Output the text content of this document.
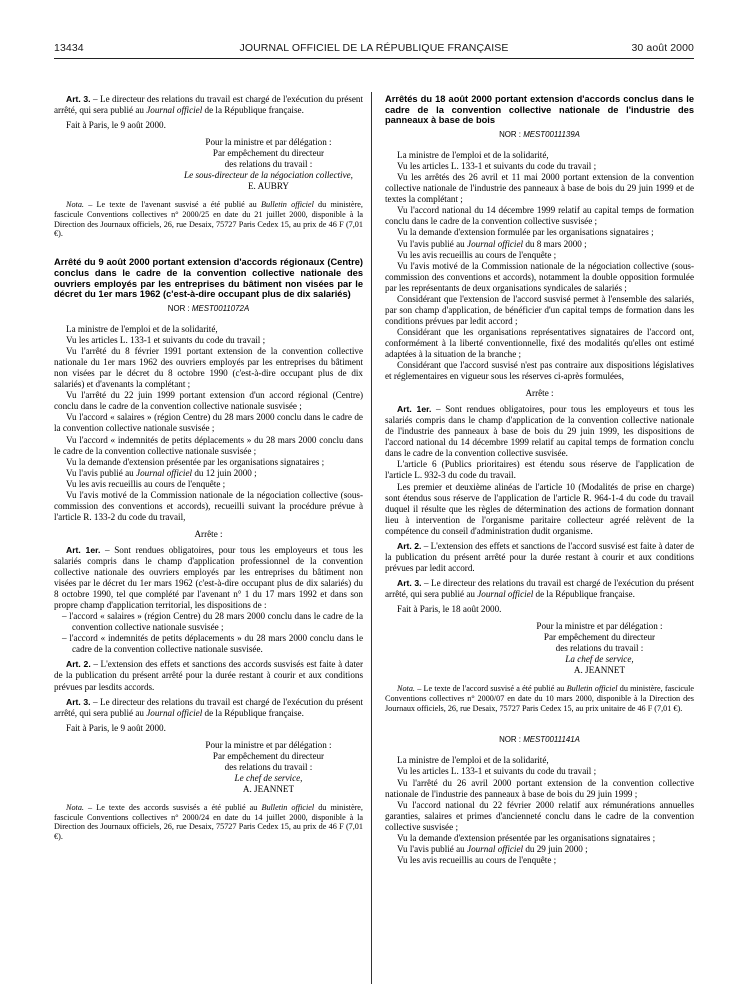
13434	JOURNAL OFFICIEL DE LA RÉPUBLIQUE FRANÇAISE	30 août 2000

Art. 3. – Le directeur des relations du travail est chargé de l'exécution du présent arrêté, qui sera publié au Journal officiel de la République française.

Fait à Paris, le 9 août 2000.

Pour la ministre et par délégation :
Par empêchement du directeur
des relations du travail :
Le sous-directeur de la négociation collective,
E. AUBRY

Nota. – Le texte de l'avenant susvisé a été publié au Bulletin officiel du ministère, fascicule Conventions collectives n° 2000/25 en date du 21 juillet 2000, disponible à la Direction des Journaux officiels, 26, rue Desaix, 75727 Paris Cedex 15, au prix de 46 F (7,01 €).

Arrêté du 9 août 2000 portant extension d'accords régionaux (Centre) conclus dans le cadre de la convention collective nationale des ouvriers employés par les entreprises du bâtiment non visées par le décret du 1er mars 1962 (c'est-à-dire occupant plus de dix salariés)

NOR : MEST0011072A

La ministre de l'emploi et de la solidarité,

Vu les articles L. 133-1 et suivants du code du travail ;

Vu l'arrêté du 8 février 1991 portant extension de la convention collective nationale du 1er mars 1962 des ouvriers employés par les entreprises du bâtiment non visées par le décret du 8 octobre 1990 (c'est-à-dire occupant plus de dix salariés) et d'avenants la complétant ;

Vu l'arrêté du 22 juin 1999 portant extension d'un accord régional (Centre) conclu dans le cadre de la convention collective nationale susvisée ;

Vu l'accord « salaires » (région Centre) du 28 mars 2000 conclu dans le cadre de la convention collective nationale susvisée ;

Vu l'accord « indemnités de petits déplacements » du 28 mars 2000 conclu dans le cadre de la convention collective nationale susvisée ;

Vu la demande d'extension présentée par les organisations signataires ;

Vu l'avis publié au Journal officiel du 12 juin 2000 ;

Vu les avis recueillis au cours de l'enquête ;

Vu l'avis motivé de la Commission nationale de la négociation collective (sous-commission des conventions et accords), recueilli suivant la procédure prévue à l'article R. 133-2 du code du travail,

Arrête :

Art. 1er. – Sont rendues obligatoires, pour tous les employeurs et tous les salariés compris dans le champ d'application professionnel de la convention collective nationale des ouvriers employés par les entreprises du bâtiment non visées par le décret du 1er mars 1962 (c'est-à-dire occupant plus de dix salariés) du 8 octobre 1990, tel que complété par l'avenant n° 1 du 17 mars 1992 et dans son propre champ d'application territorial, les dispositions de :

– l'accord « salaires » (région Centre) du 28 mars 2000 conclu dans le cadre de la convention collective nationale susvisée ;

– l'accord « indemnités de petits déplacements » du 28 mars 2000 conclu dans le cadre de la convention collective nationale susvisée.

Art. 2. – L'extension des effets et sanctions des accords susvisés est faite à dater de la publication du présent arrêté pour la durée restant à courir et aux conditions prévues par lesdits accords.

Art. 3. – Le directeur des relations du travail est chargé de l'exécution du présent arrêté, qui sera publié au Journal officiel de la République française.

Fait à Paris, le 9 août 2000.

Pour la ministre et par délégation :
Par empêchement du directeur
des relations du travail :
Le chef de service,
A. JEANNET

Nota. – Le texte des accords susvisés a été publié au Bulletin officiel du ministère, fascicule Conventions collectives n° 2000/24 en date du 14 juillet 2000, disponible à la Direction des Journaux officiels, 26, rue Desaix, 75727 Paris Cedex 15, au prix de 46 F (7,01 €).

Arrêtés du 18 août 2000 portant extension d'accords conclus dans le cadre de la convention collective nationale de l'industrie des panneaux à base de bois

NOR : MEST0011139A

La ministre de l'emploi et de la solidarité,

Vu les articles L. 133-1 et suivants du code du travail ;

Vu les arrêtés des 26 avril et 11 mai 2000 portant extension de la convention collective nationale de l'industrie des panneaux à base de bois du 29 juin 1999 et de textes la complétant ;

Vu l'accord national du 14 décembre 1999 relatif au capital temps de formation conclu dans le cadre de la convention collective susvisée ;

Vu la demande d'extension formulée par les organisations signataires ;

Vu l'avis publié au Journal officiel du 8 mars 2000 ;

Vu les avis recueillis au cours de l'enquête ;

Vu l'avis motivé de la Commission nationale de la négociation collective (sous-commission des conventions et accords), notamment la double opposition formulée par les représentants de deux organisations syndicales de salariés ;

Considérant que l'extension de l'accord susvisé permet à l'ensemble des salariés, par son champ d'application, de bénéficier d'un capital temps de formation dans les conditions prévues par ledit accord ;

Considérant que les organisations représentatives signataires de l'accord ont, conformément à la liberté conventionnelle, fixé des modalités qu'elles ont estimé adaptées à la situation de la branche ;

Considérant que l'accord susvisé n'est pas contraire aux dispositions législatives et réglementaires en vigueur sous les réserves ci-après formulées,

Arrête :

Art. 1er. – Sont rendues obligatoires, pour tous les employeurs et tous les salariés compris dans le champ d'application de la convention collective nationale de l'industrie des panneaux à base de bois du 29 juin 1999, les dispositions de l'accord national du 14 décembre 1999 relatif au capital temps de formation conclu dans le cadre de la convention collective susvisée.

L'article 6 (Publics prioritaires) est étendu sous réserve de l'application de l'article L. 932-3 du code du travail.

Les premier et deuxième alinéas de l'article 10 (Modalités de prise en charge) sont étendus sous réserve de l'application de l'article R. 964-1-4 du code du travail duquel il résulte que les règles de détermination des actions de formation donnant lieu à intervention de l'organisme paritaire collecteur agréé relèvent de la compétence du conseil d'administration dudit organisme.

Art. 2. – L'extension des effets et sanctions de l'accord susvisé est faite à dater de la publication du présent arrêté pour la durée restant à courir et aux conditions prévues par ledit accord.

Art. 3. – Le directeur des relations du travail est chargé de l'exécution du présent arrêté, qui sera publié au Journal officiel de la République française.

Fait à Paris, le 18 août 2000.

Pour la ministre et par délégation :
Par empêchement du directeur
des relations du travail :
La chef de service,
A. JEANNET

Nota. – Le texte de l'accord susvisé a été publié au Bulletin officiel du ministère, fascicule Conventions collectives n° 2000/07 en date du 10 mars 2000, disponible à la Direction des Journaux officiels, 26, rue Desaix, 75727 Paris Cedex 15, au prix unitaire de 46 F (7,01 €).

NOR : MEST0011141A

La ministre de l'emploi et de la solidarité,

Vu les articles L. 133-1 et suivants du code du travail ;

Vu l'arrêté du 26 avril 2000 portant extension de la convention collective nationale de l'industrie des panneaux à base de bois du 29 juin 1999 ;

Vu l'accord national du 22 février 2000 relatif aux rémunérations annuelles garanties, salaires et primes d'ancienneté conclu dans le cadre de la convention collective susvisée ;

Vu la demande d'extension présentée par les organisations signataires ;

Vu l'avis publié au Journal officiel du 29 juin 2000 ;

Vu les avis recueillis au cours de l'enquête ;
